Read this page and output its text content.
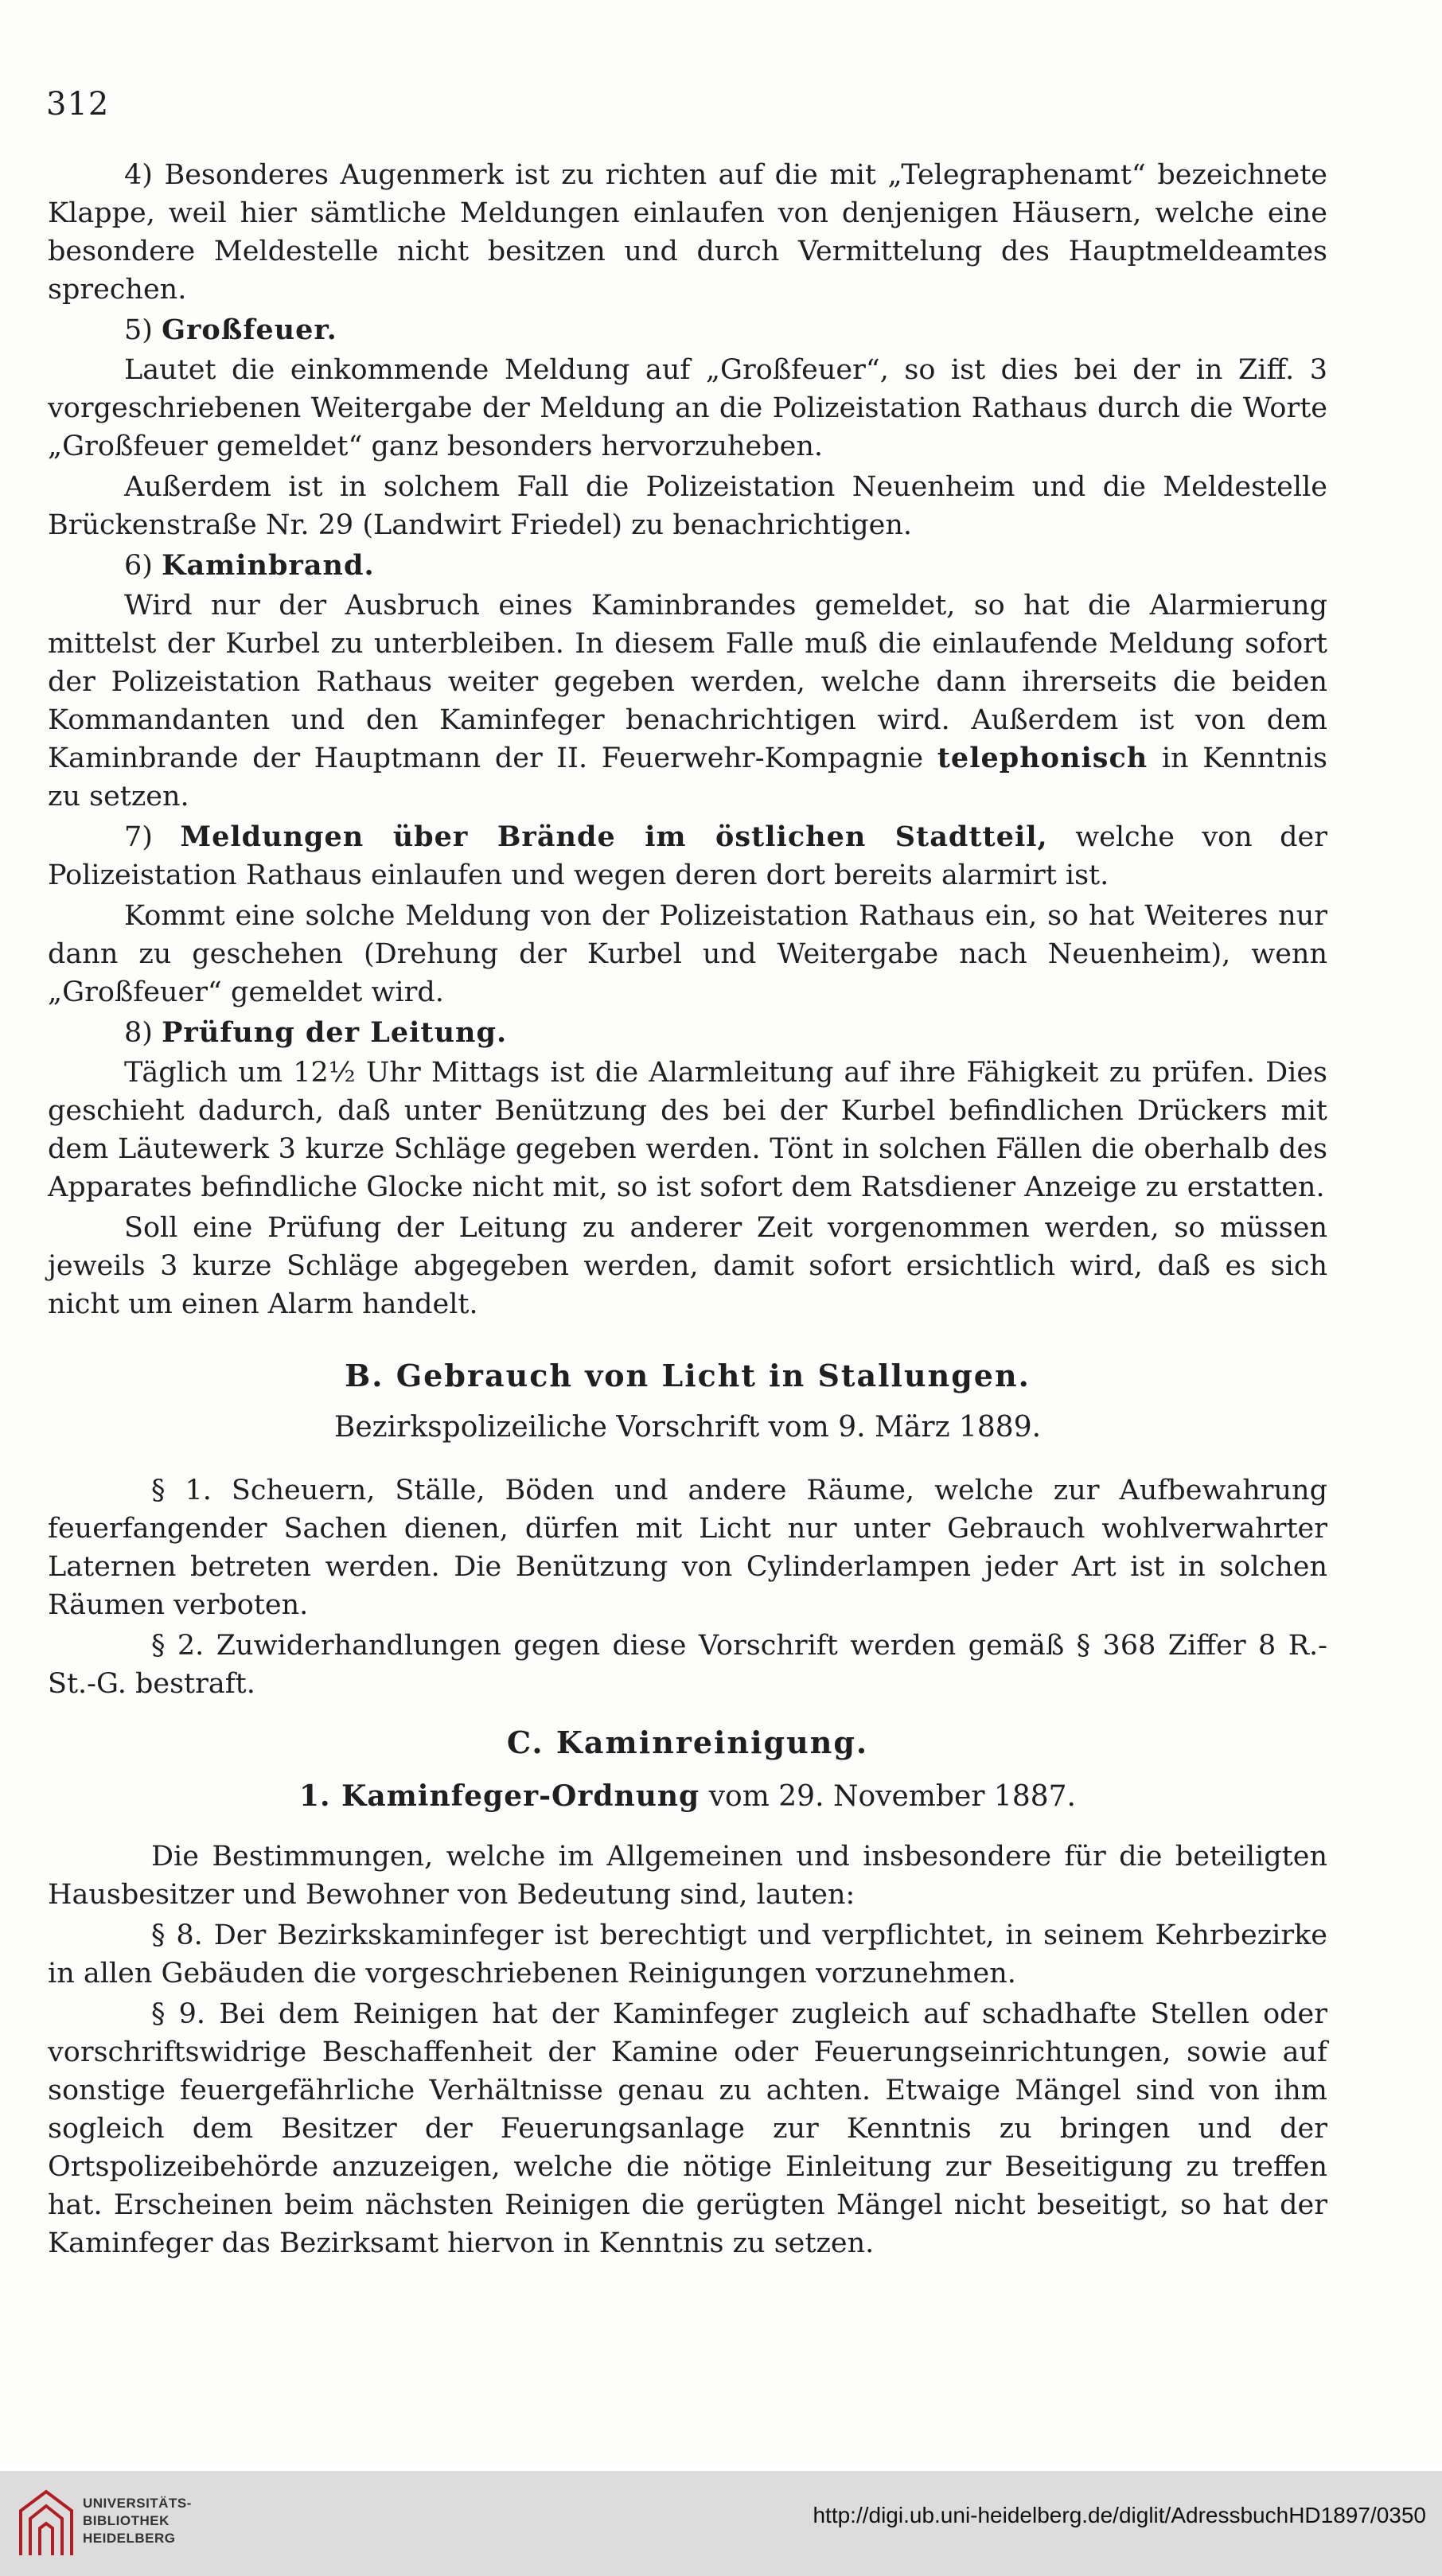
312

4) Besonderes Augenmerk ist zu richten auf die mit „Telegraphenamt“ bezeichnete Klappe, weil hier sämtliche Meldungen einlaufen von denjenigen Häusern, welche eine besondere Meldestelle nicht besitzen und durch Vermittelung des Hauptmeldeamtes sprechen.

5) Großfeuer.

Lautet die einkommende Meldung auf „Großfeuer“, so ist dies bei der in Ziff. 3 vorgeschriebenen Weitergabe der Meldung an die Polizeistation Rathaus durch die Worte „Großfeuer gemeldet“ ganz besonders hervorzuheben.

Außerdem ist in solchem Fall die Polizeistation Neuenheim und die Meldestelle Brückenstraße Nr. 29 (Landwirt Friedel) zu benachrichtigen.

6) Kaminbrand.

Wird nur der Ausbruch eines Kaminbrandes gemeldet, so hat die Alarmierung mittelst der Kurbel zu unterbleiben. In diesem Falle muß die einlaufende Meldung sofort der Polizeistation Rathaus weiter gegeben werden, welche dann ihrerseits die beiden Kommandanten und den Kaminfeger benachrichtigen wird. Außerdem ist von dem Kaminbrande der Hauptmann der II. Feuerwehr-Kompagnie telephonisch in Kenntnis zu setzen.

7) Meldungen über Brände im östlichen Stadtteil, welche von der Polizeistation Rathaus einlaufen und wegen deren dort bereits alarmirt ist.

Kommt eine solche Meldung von der Polizeistation Rathaus ein, so hat Weiteres nur dann zu geschehen (Drehung der Kurbel und Weitergabe nach Neuenheim), wenn „Großfeuer“ gemeldet wird.

8) Prüfung der Leitung.

Täglich um 12½ Uhr Mittags ist die Alarmleitung auf ihre Fähigkeit zu prüfen. Dies geschieht dadurch, daß unter Benützung des bei der Kurbel befindlichen Drückers mit dem Läutewerk 3 kurze Schläge gegeben werden. Tönt in solchen Fällen die oberhalb des Apparates befindliche Glocke nicht mit, so ist sofort dem Ratsdiener Anzeige zu erstatten.

Soll eine Prüfung der Leitung zu anderer Zeit vorgenommen werden, so müssen jeweils 3 kurze Schläge abgegeben werden, damit sofort ersichtlich wird, daß es sich nicht um einen Alarm handelt.

B. Gebrauch von Licht in Stallungen.
Bezirkspolizeiliche Vorschrift vom 9. März 1889.

§ 1. Scheuern, Ställe, Böden und andere Räume, welche zur Aufbewahrung feuerfangender Sachen dienen, dürfen mit Licht nur unter Gebrauch wohlverwahrter Laternen betreten werden. Die Benützung von Cylinderlampen jeder Art ist in solchen Räumen verboten.

§ 2. Zuwiderhandlungen gegen diese Vorschrift werden gemäß § 368 Ziffer 8 R.-St.-G. bestraft.

C. Kaminreinigung.
1. Kaminfeger-Ordnung vom 29. November 1887.

Die Bestimmungen, welche im Allgemeinen und insbesondere für die beteiligten Hausbesitzer und Bewohner von Bedeutung sind, lauten:

§ 8. Der Bezirkskaminfeger ist berechtigt und verpflichtet, in seinem Kehrbezirke in allen Gebäuden die vorgeschriebenen Reinigungen vorzunehmen.

§ 9. Bei dem Reinigen hat der Kaminfeger zugleich auf schadhafte Stellen oder vorschriftswidrige Beschaffenheit der Kamine oder Feuerungseinrichtungen, sowie auf sonstige feuergefährliche Verhältnisse genau zu achten. Etwaige Mängel sind von ihm sogleich dem Besitzer der Feuerungsanlage zur Kenntnis zu bringen und der Ortspolizeibehörde anzuzeigen, welche die nötige Einleitung zur Beseitigung zu treffen hat. Erscheinen beim nächsten Reinigen die gerügten Mängel nicht beseitigt, so hat der Kaminfeger das Bezirksamt hiervon in Kenntnis zu setzen.

UNIVERSITÄTS-
BIBLIOTHEK
HEIDELBERG
http://digi.ub.uni-heidelberg.de/diglit/AdressbuchHD1897/0350
